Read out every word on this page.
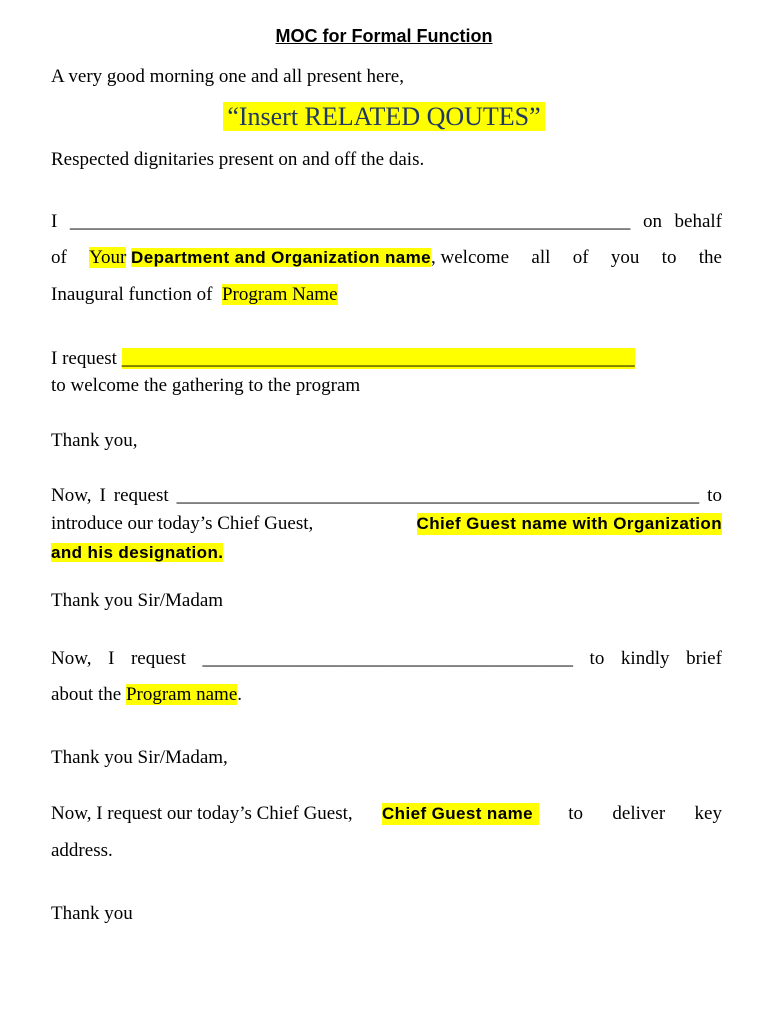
MOC for Formal Function
A very good morning one and all present here,
“Insert RELATED QOUTES”
Respected dignitaries present on and off the dais.
I ___________________________________________________________ on behalf
of Your Department and Organization name, welcome all of you to the
Inaugural function of Program Name
I request ______________________________________________________
to welcome the gathering to the program
Thank you,
Now, I request _______________________________________________________ to
introduce our today’s Chief Guest,	Chief Guest name with Organization
and his designation.
Thank you Sir/Madam
Now, I request _______________________________________ to kindly brief
about the Program name.
Thank you Sir/Madam,
Now, I request our today’s Chief Guest, Chief Guest name	to deliver key
address.
Thank you
